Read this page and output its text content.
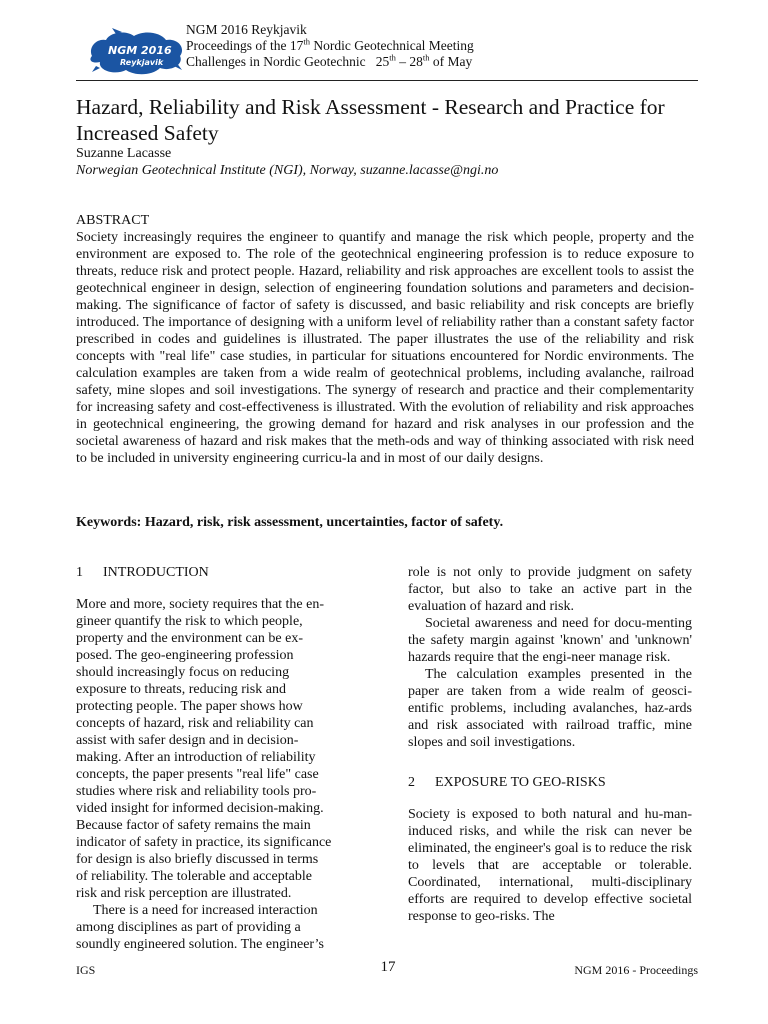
NGM 2016
Reykjavik
NGM 2016 Reykjavik
Proceedings of the 17th Nordic Geotechnical Meeting
Challenges in Nordic Geotechnic   25th – 28th of May
Hazard, Reliability and Risk Assessment - Research and Practice for Increased Safety
Suzanne Lacasse
Norwegian Geotechnical Institute (NGI), Norway, suzanne.lacasse@ngi.no
ABSTRACT

Society increasingly requires the engineer to quantify and manage the risk which people, property and the environment are exposed to. The role of the geotechnical engineering profession is to reduce exposure to threats, reduce risk and protect people. Hazard, reliability and risk approaches are excellent tools to assist the geotechnical engineer in design, selection of engineering foundation solutions and parameters and decision-making. The significance of factor of safety is discussed, and basic reliability and risk concepts are briefly introduced. The importance of designing with a uniform level of reliability rather than a constant safety factor prescribed in codes and guidelines is illustrated. The paper illustrates the use of the reliability and risk concepts with "real life" case studies, in particular for situations encountered for Nordic environments. The calculation examples are taken from a wide realm of geotechnical problems, including avalanche, railroad safety, mine slopes and soil investigations. The synergy of research and practice and their complementarity for increasing safety and cost-effectiveness is illustrated. With the evolution of reliability and risk approaches in geotechnical engineering, the growing demand for hazard and risk analyses in our profession and the societal awareness of hazard and risk makes that the meth-ods and way of thinking associated with risk need to be included in university engineering curricu-la and in most of our daily designs.

Keywords: Hazard, risk, risk assessment, uncertainties, factor of safety.
1 INTRODUCTION
More and more, society requires that the en-
gineer quantify the risk to which people,
property and the environment can be ex-
posed. The geo-engineering profession
should increasingly focus on reducing
exposure to threats, reducing risk and
protecting people. The paper shows how
concepts of hazard, risk and reliability can
assist with safer design and in decision-
making. After an introduction of reliability
concepts, the paper presents "real life" case
studies where risk and reliability tools pro-
vided insight for informed decision-making.
Because factor of safety remains the main
indicator of safety in practice, its significance
for design is also briefly discussed in terms
of reliability. The tolerable and acceptable
risk and risk perception are illustrated.
There is a need for increased interaction
among disciplines as part of providing a
soundly engineered solution. The engineer’s

role is not only to provide judgment on safety factor, but also to take an active part in the evaluation of hazard and risk.

Societal awareness and need for docu-menting the safety margin against 'known' and 'unknown' hazards require that the engi-neer manage risk.

The calculation examples presented in the paper are taken from a wide realm of geosci-entific problems, including avalanches, haz-ards and risk associated with railroad traffic, mine slopes and soil investigations.

2 EXPOSURE TO GEO-RISKS

Society is exposed to both natural and hu-man-induced risks, and while the risk can never be eliminated, the engineer's goal is to reduce the risk to levels that are acceptable or tolerable. Coordinated, international, multi-disciplinary efforts are required to develop effective societal response to geo-risks. The

IGS	17	NGM 2016 - Proceedings
